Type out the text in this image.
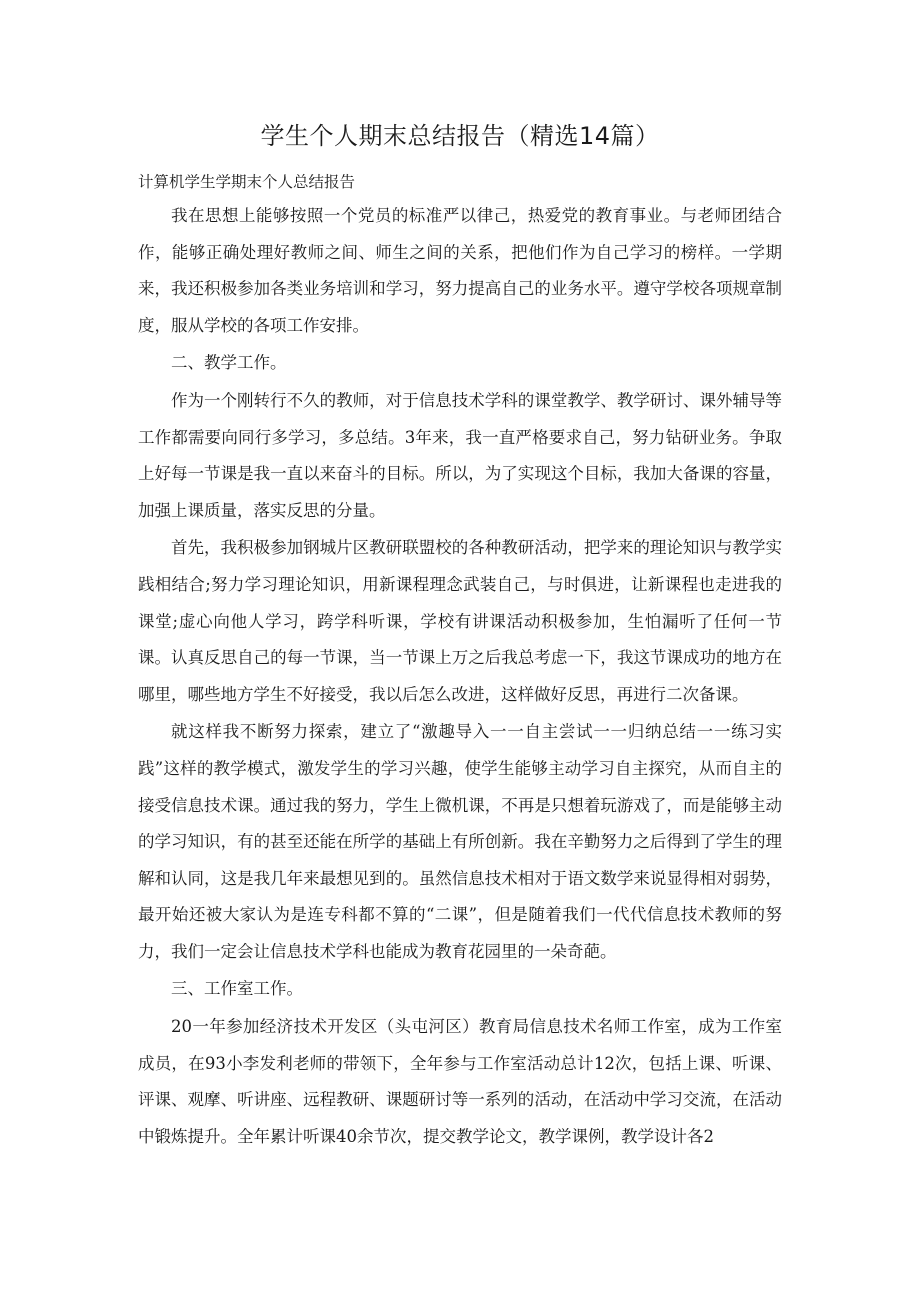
学生个人期末总结报告（精选14篇）

计算机学生学期末个人总结报告

我在思想上能够按照一个党员的标准严以律己，热爱党的教育事业。与老师团结合作，能够正确处理好教师之间、师生之间的关系，把他们作为自己学习的榜样。一学期来，我还积极参加各类业务培训和学习，努力提高自己的业务水平。遵守学校各项规章制度，服从学校的各项工作安排。

二、教学工作。

作为一个刚转行不久的教师，对于信息技术学科的课堂教学、教学研讨、课外辅导等工作都需要向同行多学习，多总结。3年来，我一直严格要求自己，努力钻研业务。争取上好每一节课是我一直以来奋斗的目标。所以，为了实现这个目标，我加大备课的容量，加强上课质量，落实反思的分量。

首先，我积极参加钢城片区教研联盟校的各种教研活动，把学来的理论知识与教学实践相结合;努力学习理论知识，用新课程理念武装自己，与时俱进，让新课程也走进我的课堂;虚心向他人学习，跨学科听课，学校有讲课活动积极参加，生怕漏听了任何一节课。认真反思自己的每一节课，当一节课上万之后我总考虑一下，我这节课成功的地方在哪里，哪些地方学生不好接受，我以后怎么改进，这样做好反思，再进行二次备课。

就这样我不断努力探索，建立了“激趣导入一一自主尝试一一归纳总结一一练习实践”这样的教学模式，激发学生的学习兴趣，使学生能够主动学习自主探究，从而自主的接受信息技术课。通过我的努力，学生上微机课，不再是只想着玩游戏了，而是能够主动的学习知识，有的甚至还能在所学的基础上有所创新。我在辛勤努力之后得到了学生的理解和认同，这是我几年来最想见到的。虽然信息技术相对于语文数学来说显得相对弱势，最开始还被大家认为是连专科都不算的“二课”，但是随着我们一代代信息技术教师的努力，我们一定会让信息技术学科也能成为教育花园里的一朵奇葩。

三、工作室工作。

20一年参加经济技术开发区（头屯河区）教育局信息技术名师工作室，成为工作室成员，在93小李发利老师的带领下，全年参与工作室活动总计12次，包括上课、听课、评课、观摩、听讲座、远程教研、课题研讨等一系列的活动，在活动中学习交流，在活动中锻炼提升。全年累计听课40余节次，提交教学论文，教学课例，教学设计各2
